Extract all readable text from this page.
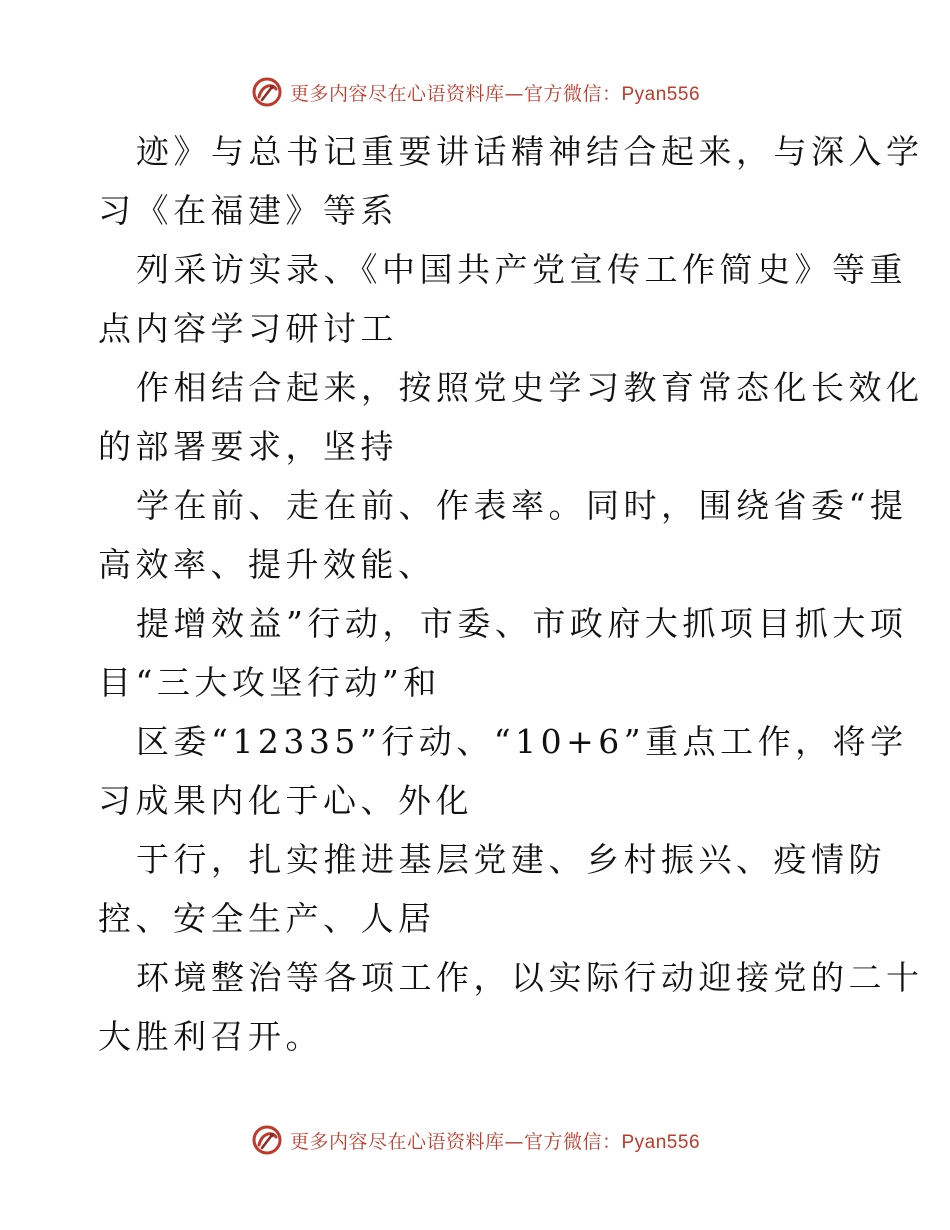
更多内容尽在心语资料库—官方微信：Pyan556
迹》与总书记重要讲话精神结合起来，与深入学
习《在福建》等系
列采访实录、《中国共产党宣传工作简史》等重
点内容学习研讨工
作相结合起来，按照党史学习教育常态化长效化
的部署要求，坚持
学在前、走在前、作表率。同时，围绕省委“提
高效率、提升效能、
提增效益”行动，市委、市政府大抓项目抓大项
目“三大攻坚行动”和
区委“12335”行动、“10+6”重点工作，将学
习成果内化于心、外化
于行，扎实推进基层党建、乡村振兴、疫情防
控、安全生产、人居
环境整治等各项工作，以实际行动迎接党的二十
大胜利召开。
更多内容尽在心语资料库—官方微信：Pyan556
